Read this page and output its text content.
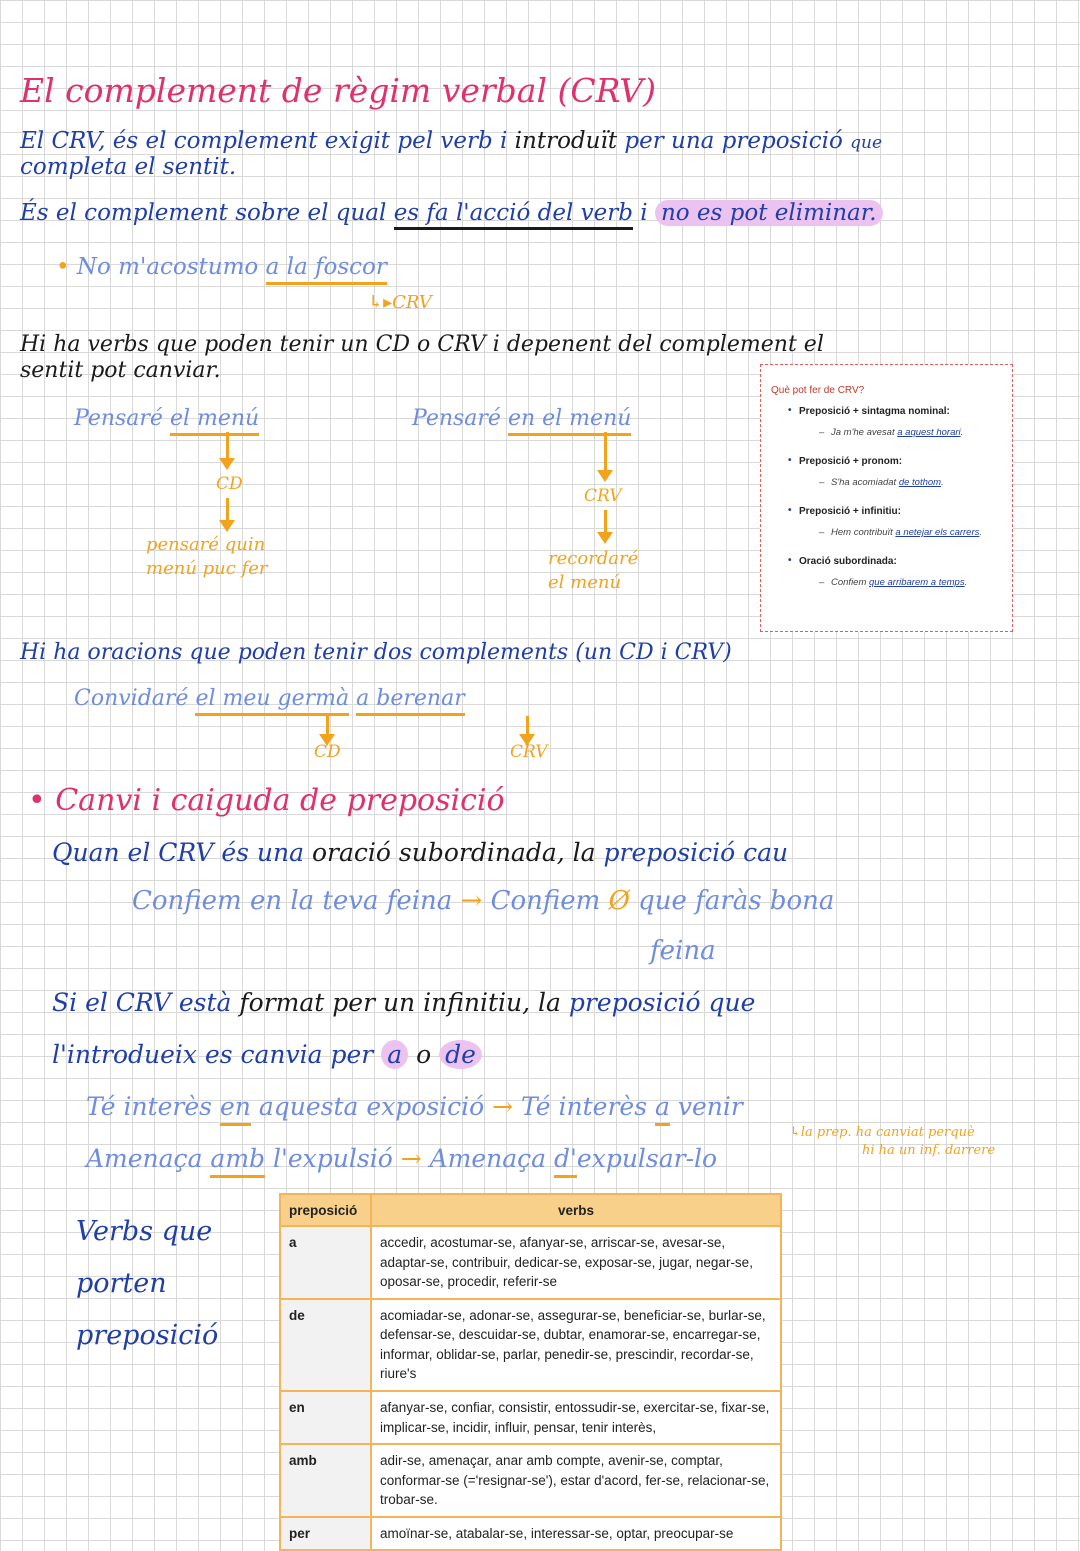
El complement de règim verbal (CRV)
El CRV, és el complement exigit pel verb i introduït per una preposició que
completa el sentit.
És el complement sobre el qual es fa l'acció del verb i no es pot eliminar.
• No m'acostumo a la foscor
↳▸CRV
Hi ha verbs que poden tenir un CD o CRV i depenent del complement el
sentit pot canviar.
Pensaré el menú
CD
pensaré quin
menú puc fer
Pensaré en el menú
CRV
recordaré
el menú
Què pot fer de CRV?
• Preposició + sintagma nominal:
– Ja m'he avesat a aquest horari.
• Preposició + pronom:
– S'ha acomiadat de tothom.
• Preposició + infinitiu:
– Hem contribuït a netejar els carrers.
• Oració subordinada:
– Confiem que arribarem a temps.
Hi ha oracions que poden tenir dos complements (un CD i CRV)
Convidaré el meu germà a berenar
CD	CRV
• Canvi i caiguda de preposició
Quan el CRV és una oració subordinada, la preposició cau
Confiem en la teva feina → Confiem Ø que faràs bona
feina
Si el CRV està format per un infinitiu, la preposició que
l'introdueix es canvia per a o de
Té interès en aquesta exposició → Té interès a venir
Amenaça amb l'expulsió → Amenaça d'expulsar-lo
↳la prep. ha canviat perquè
hi ha un inf. darrere
Verbs que
porten
preposició
preposició	verbs
a	accedir, acostumar-se, afanyar-se, arriscar-se, avesar-se, adaptar-se, contribuir, dedicar-se, exposar-se, jugar, negar-se, oposar-se, procedir, referir-se
de	acomiadar-se, adonar-se, assegurar-se, beneficiar-se, burlar-se, defensar-se, descuidar-se, dubtar, enamorar-se, encarregar-se, informar, oblidar-se, parlar, penedir-se, prescindir, recordar-se, riure's
en	afanyar-se, confiar, consistir, entossudir-se, exercitar-se, fixar-se, implicar-se, incidir, influir, pensar, tenir interès,
amb	adir-se, amenaçar, anar amb compte, avenir-se, comptar, conformar-se (='resignar-se'), estar d'acord, fer-se, relacionar-se, trobar-se.
per	amoïnar-se, atabalar-se, interessar-se, optar, preocupar-se
